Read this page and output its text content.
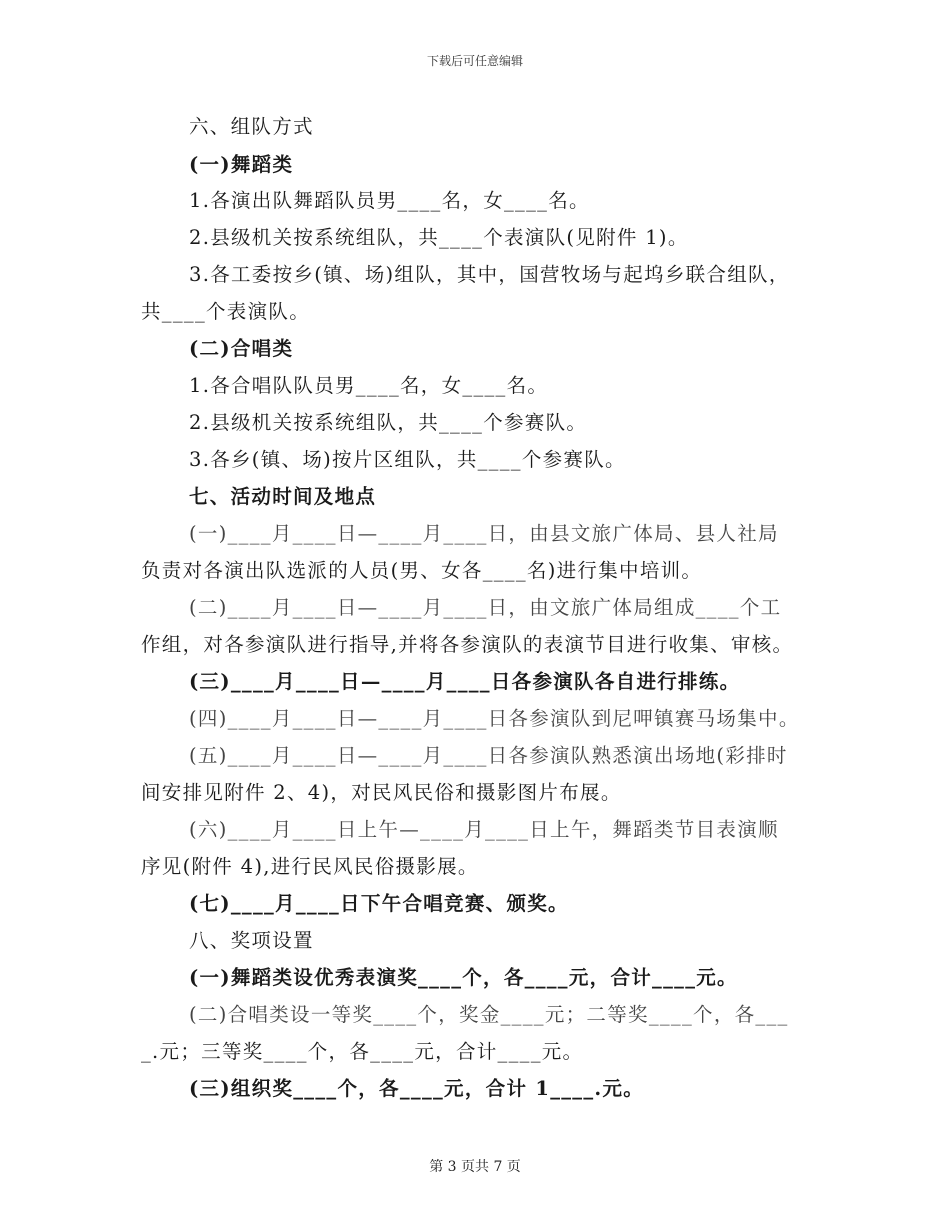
下载后可任意编辑
六、组队方式
(一)舞蹈类
1.各演出队舞蹈队员男____名，女____名。
2.县级机关按系统组队，共____个表演队(见附件 1)。
3.各工委按乡(镇、场)组队，其中，国营牧场与起坞乡联合组队，
共____个表演队。
(二)合唱类
1.各合唱队队员男____名，女____名。
2.县级机关按系统组队，共____个参赛队。
3.各乡(镇、场)按片区组队，共____个参赛队。
七、活动时间及地点
(一)____月____日—____月____日，由县文旅广体局、县人社局
负责对各演出队选派的人员(男、女各____名)进行集中培训。
(二)____月____日—____月____日，由文旅广体局组成____个工
作组，对各参演队进行指导,并将各参演队的表演节目进行收集、审核。
(三)____月____日—____月____日各参演队各自进行排练。
(四)____月____日—____月____日各参演队到尼呷镇赛马场集中。
(五)____月____日—____月____日各参演队熟悉演出场地(彩排时
间安排见附件 2、4)，对民风民俗和摄影图片布展。
(六)____月____日上午—____月____日上午，舞蹈类节目表演顺
序见(附件 4),进行民风民俗摄影展。
(七)____月____日下午合唱竞赛、颁奖。
八、奖项设置
(一)舞蹈类设优秀表演奖____个，各____元，合计____元。
(二)合唱类设一等奖____个，奖金____元；二等奖____个，各___
_.元；三等奖____个，各____元，合计____元。
(三)组织奖____个，各____元，合计 1____.元。
第 3 页共 7 页
